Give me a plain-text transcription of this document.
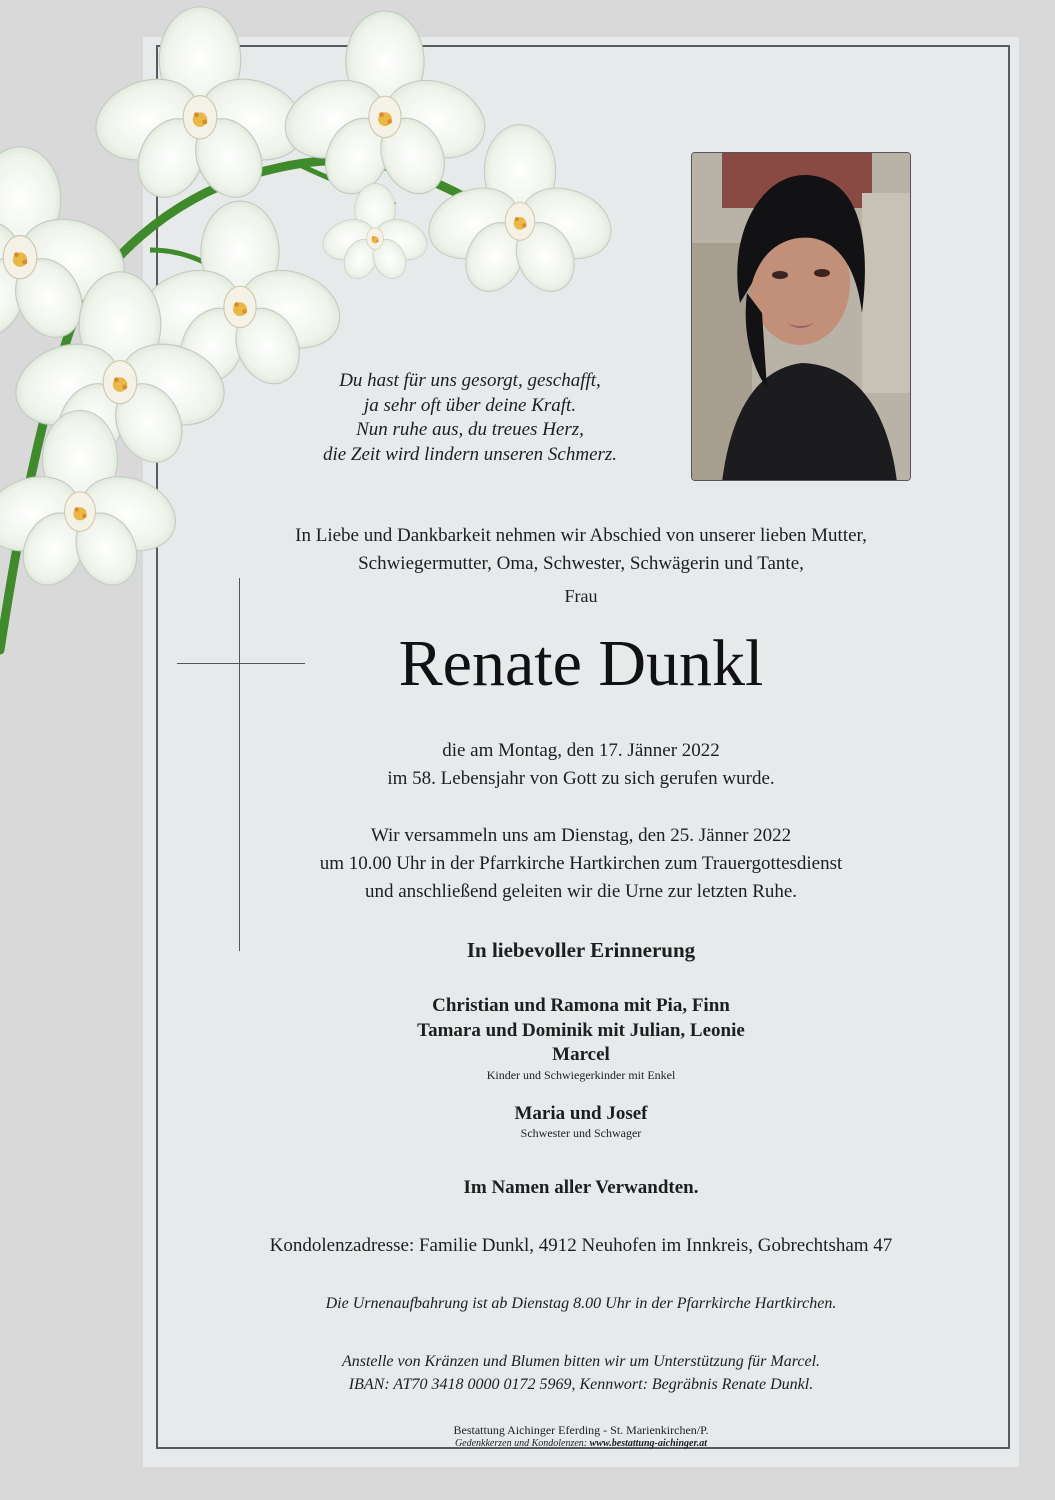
Du hast für uns gesorgt, geschafft,
ja sehr oft über deine Kraft.
Nun ruhe aus, du treues Herz,
die Zeit wird lindern unseren Schmerz.
In Liebe und Dankbarkeit nehmen wir Abschied von unserer lieben Mutter,
Schwiegermutter, Oma, Schwester, Schwägerin und Tante,
Frau
Renate Dunkl
die am Montag, den 17. Jänner 2022
im 58. Lebensjahr von Gott zu sich gerufen wurde.
Wir versammeln uns am Dienstag, den 25. Jänner 2022
um 10.00 Uhr in der Pfarrkirche Hartkirchen zum Trauergottesdienst
und anschließend geleiten wir die Urne zur letzten Ruhe.
In liebevoller Erinnerung
Christian und Ramona mit Pia, Finn
Tamara und Dominik mit Julian, Leonie
Marcel
Kinder und Schwiegerkinder mit Enkel
Maria und Josef
Schwester und Schwager
Im Namen aller Verwandten.
Kondolenzadresse: Familie Dunkl, 4912 Neuhofen im Innkreis, Gobrechtsham 47
Die Urnenaufbahrung ist ab Dienstag 8.00 Uhr in der Pfarrkirche Hartkirchen.
Anstelle von Kränzen und Blumen bitten wir um Unterstützung für Marcel.
IBAN: AT70 3418 0000 0172 5969, Kennwort: Begräbnis Renate Dunkl.
Bestattung Aichinger Eferding - St. Marienkirchen/P.
Gedenkkerzen und Kondolenzen: www.bestattung-aichinger.at
